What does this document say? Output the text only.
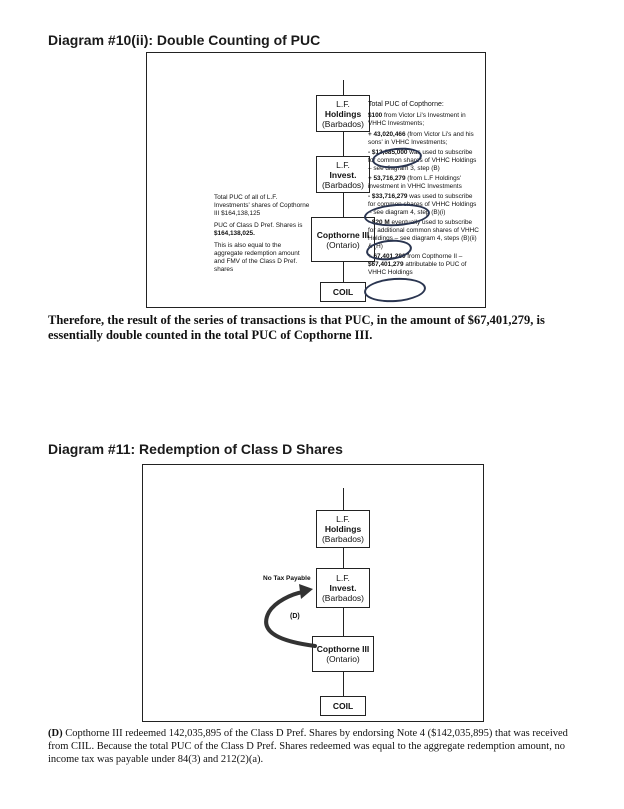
Diagram #10(ii): Double Counting of PUC
L.F.
Holdings
(Barbados)
L.F.
Invest.
(Barbados)
Copthorne III
(Ontario)
COIL
Total PUC of all of L.F. Investments' shares of Copthorne III $164,138,125
PUC of Class D Pref. Shares is $164,138,025.
This is also equal to the aggregate redemption amount and FMV of the Class D Pref. shares
Total PUC of Copthorne:
$100 from Victor Li's Investment in VHHC Investments;
+ 43,020,466 (from Victor Li's and his sons' in VHHC Investments;
- $13,685,000 was used to subscribe for common shares of VHHC Holdings – see diagram 3, step (B)
+ 53,716,279 (from L.F Holdings' investment in VHHC Investments
- $33,716,279 was used to subscribe for common shares of VHHC Holdings – see diagram 4, step (B)(i)
- $20 M eventually used to subscribe for additional common shares of VHHC Holdings – see diagram 4, steps (B)(ii) & (H)
+ 67,401,280 from Copthorne II –
$67,401,279 attributable to PUC of VHHC Holdings
Therefore, the result of the series of transactions is that PUC, in the amount of $67,401,279, is essentially double counted in the total PUC of Copthorne III.
Diagram #11: Redemption of Class D Shares
L.F.
Holdings
(Barbados)
L.F.
Invest.
(Barbados)
Copthorne III
(Ontario)
COIL
No Tax Payable
(D)
(D) Copthorne III redeemed 142,035,895 of the Class D Pref. Shares by endorsing Note 4 ($142,035,895) that was received from CIIL. Because the total PUC of the Class D Pref. Shares redeemed was equal to the aggregate redemption amount, no income tax was payable under 84(3) and 212(2)(a).
